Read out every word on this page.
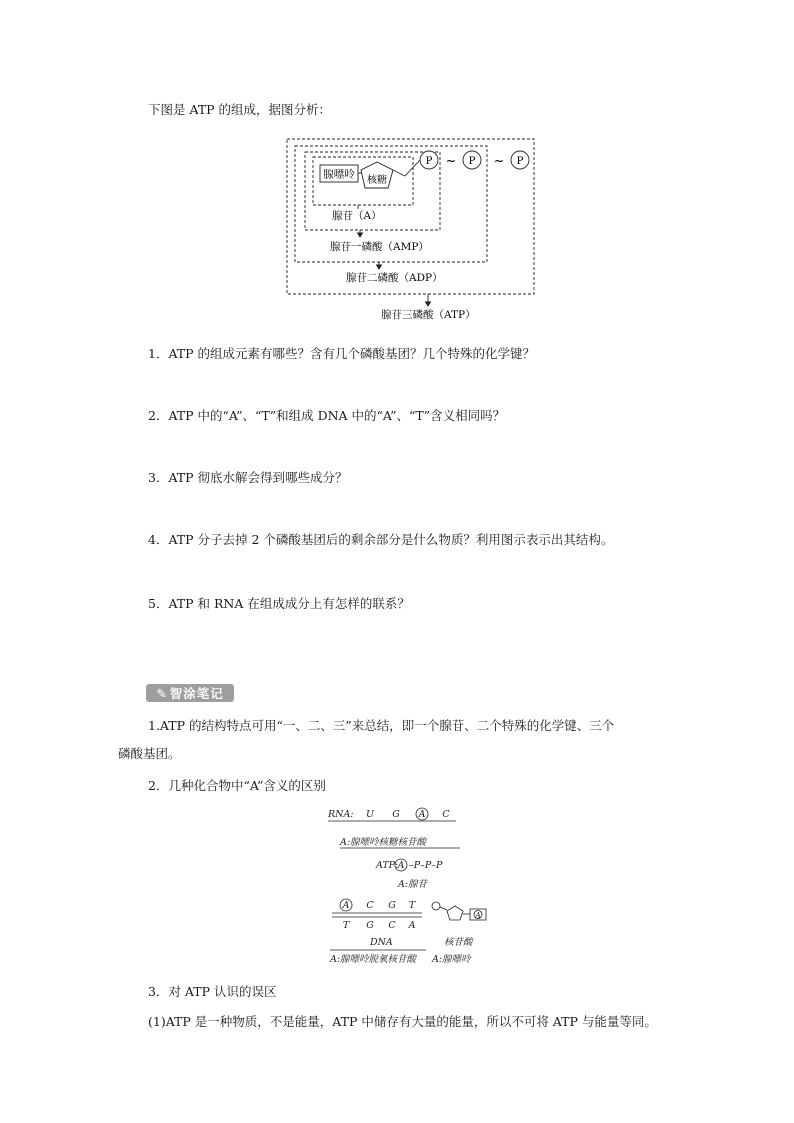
下图是 ATP 的组成，据图分析：
腺嘌呤 核糖
P ~ P ~ P
腺苷（A）
腺苷一磷酸（AMP）
腺苷二磷酸（ADP）
腺苷三磷酸（ATP）
1．ATP 的组成元素有哪些？含有几个磷酸基团？几个特殊的化学键？
2．ATP 中的“A”、“T”和组成 DNA 中的“A”、“T”含义相同吗？
3．ATP 彻底水解会得到哪些成分？
4．ATP 分子去掉 2 个磷酸基团后的剩余部分是什么物质？利用图示表示出其结构。
5．ATP 和 RNA 在组成成分上有怎样的联系？
✎ 智涂笔记
1.ATP 的结构特点可用“一、二、三”来总结，即一个腺苷、二个特殊的化学键、三个
磷酸基团。
2．几种化合物中“A”含义的区别
RNA: U G A C
A:腺嘌呤核糖核苷酸
ATP: A –P–P–P
A:腺苷
A C G T
T G C A
DNA	核苷酸
A
A:腺嘌呤脱氧核苷酸 A:腺嘌呤
3．对 ATP 认识的误区
(1)ATP 是一种物质，不是能量，ATP 中储存有大量的能量，所以不可将 ATP 与能量等同。
